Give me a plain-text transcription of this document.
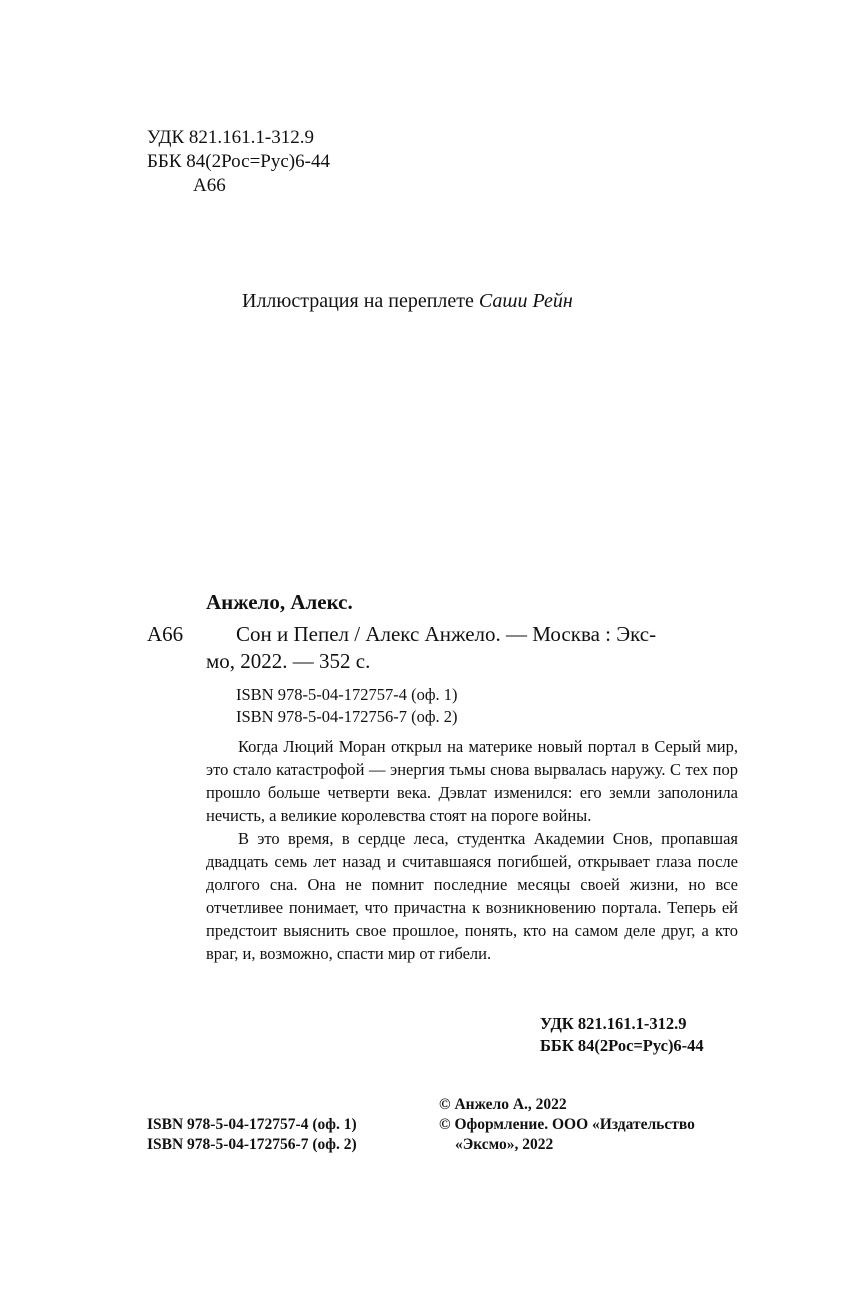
УДК 821.161.1-312.9
ББК 84(2Рос=Рус)6-44
А66
Иллюстрация на переплете Саши Рейн
Анжело, Алекс.
А66	Сон и Пепел / Алекс Анжело. — Москва : Экс-
мо, 2022. — 352 с.
ISBN 978-5-04-172757-4 (оф. 1)
ISBN 978-5-04-172756-7 (оф. 2)

Когда Люций Моран открыл на материке новый портал в Серый мир, это стало катастрофой — энергия тьмы снова вырвалась наружу. С тех пор прошло больше четверти века. Дэвлат изменился: его земли заполонила нечисть, а великие королевства стоят на пороге войны.

В это время, в сердце леса, студентка Академии Снов, пропавшая двадцать семь лет назад и считавшаяся погибшей, открывает глаза после долгого сна. Она не помнит последние месяцы своей жизни, но все отчетливее понимает, что причастна к возникновению портала. Теперь ей предстоит выяснить свое прошлое, понять, кто на самом деле друг, а кто враг, и, возможно, спасти мир от гибели.

УДК 821.161.1-312.9
ББК 84(2Рос=Рус)6-44
© Анжело А., 2022
ISBN 978-5-04-172757-4 (оф. 1)	© Оформление. ООО «Издательство
ISBN 978-5-04-172756-7 (оф. 2)	«Эксмо», 2022
